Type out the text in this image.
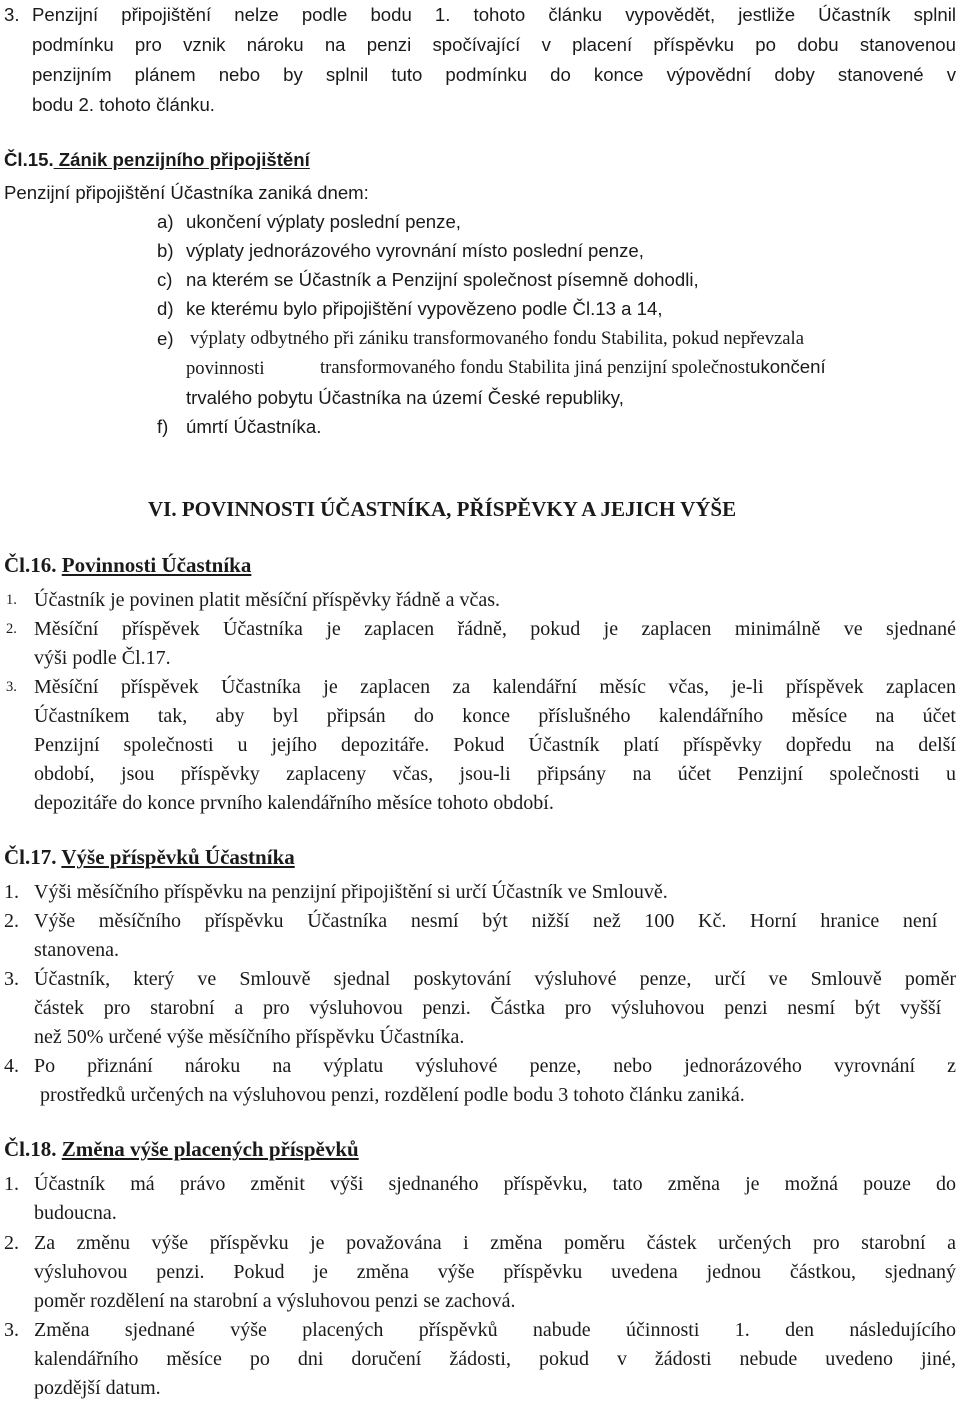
3. Penzijní připojištění nelze podle bodu 1. tohoto článku vypovědět, jestliže Účastník splnil
podmínku pro vznik nároku na penzi spočívající v placení příspěvku po dobu stanovenou
penzijním plánem nebo by splnil tuto podmínku do konce výpovědní doby stanovené v
bodu 2. tohoto článku.
Čl.15. Zánik penzijního připojištění
Penzijní připojištění Účastníka zaniká dnem:
a) ukončení výplaty poslední penze,
b) výplaty jednorázového vyrovnání místo poslední penze,
c) na kterém se Účastník a Penzijní společnost písemně dohodli,
d) ke kterému bylo připojištění vypovězeno podle Čl.13 a 14,
e) výplaty odbytného při zániku transformovaného fondu Stabilita, pokud nepřevzala
povinnosti	transformovaného fondu Stabilita jiná penzijní společnostukončení
trvalého pobytu Účastníka na území České republiky,
f) úmrtí Účastníka.
VI. POVINNOSTI ÚČASTNÍKA, PŘÍSPĚVKY A JEJICH VÝŠE
Čl.16. Povinnosti Účastníka
1. Účastník je povinen platit měsíční příspěvky řádně a včas.
2. Měsíční příspěvek Účastníka je zaplacen řádně, pokud je zaplacen minimálně ve sjednané
výši podle Čl.17.
3. Měsíční příspěvek Účastníka je zaplacen za kalendářní měsíc včas, je-li příspěvek zaplacen
Účastníkem tak, aby byl připsán do konce příslušného kalendářního měsíce na účet
Penzijní společnosti u jejího depozitáře. Pokud Účastník platí příspěvky dopředu na delší
období, jsou příspěvky zaplaceny včas, jsou-li připsány na účet Penzijní společnosti u
depozitáře do konce prvního kalendářního měsíce tohoto období.
Čl.17. Výše příspěvků Účastníka
1. Výši měsíčního příspěvku na penzijní připojištění si určí Účastník ve Smlouvě.
2. Výše měsíčního příspěvku Účastníka nesmí být nižší než 100 Kč. Horní hranice není
stanovena.
3. Účastník, který ve Smlouvě sjednal poskytování výsluhové penze, určí ve Smlouvě poměr
částek pro starobní a pro výsluhovou penzi. Částka pro výsluhovou penzi nesmí být vyšší
než 50% určené výše měsíčního příspěvku Účastníka.
4. Po přiznání nároku na výplatu výsluhové penze, nebo jednorázového vyrovnání z
prostředků určených na výsluhovou penzi, rozdělení podle bodu 3 tohoto článku zaniká.
Čl.18. Změna výše placených příspěvků
1. Účastník má právo změnit výši sjednaného příspěvku, tato změna je možná pouze do
budoucna.
2. Za změnu výše příspěvku je považována i změna poměru částek určených pro starobní a
výsluhovou penzi. Pokud je změna výše příspěvku uvedena jednou částkou, sjednaný
poměr rozdělení na starobní a výsluhovou penzi se zachová.
3. Změna sjednané výše placených příspěvků nabude účinnosti 1. den následujícího
kalendářního měsíce po dni doručení žádosti, pokud v žádosti nebude uvedeno jiné,
pozdější datum.
